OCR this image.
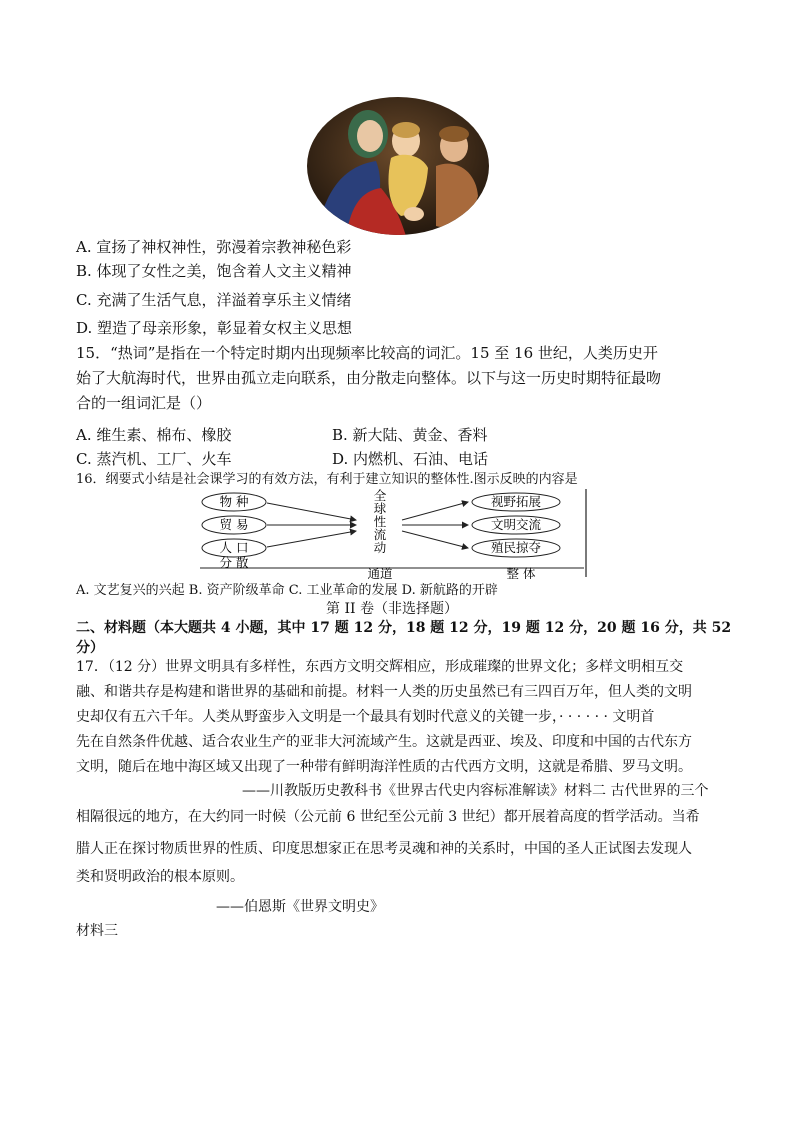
A. 宣扬了神权神性，弥漫着宗教神秘色彩
B. 体现了女性之美，饱含着人文主义精神
C. 充满了生活气息，洋溢着享乐主义情绪
D. 塑造了母亲形象，彰显着女权主义思想
15．“热词”是指在一个特定时期内出现频率比较高的词汇。15 至 16 世纪，人类历史开
始了大航海时代，世界由孤立走向联系，由分散走向整体。以下与这一历史时期特征最吻
合的一组词汇是（）
A. 维生素、棉布、橡胶	B. 新大陆、黄金、香料
C. 蒸汽机、工厂、火车	D. 内燃机、石油、电话
16．纲要式小结是社会课学习的有效方法，有利于建立知识的整体性.图示反映的内容是
物 种
贸 易
人 口
全
球
性
流
动
视野拓展
文明交流
殖民掠夺
分 散
通道	整 体
A. 文艺复兴的兴起 B. 资产阶级革命 C. 工业革命的发展 D. 新航路的开辟
第 II 卷（非选择题）
二、材料题（本大题共 4 小题，其中 17 题 12 分，18 题 12 分，19 题 12 分，20 题 16 分，共 52
分）
17．（12 分）世界文明具有多样性，东西方文明交辉相应，形成璀璨的世界文化；多样文明相互交
融、和谐共存是构建和谐世界的基础和前提。材料一人类的历史虽然已有三四百万年，但人类的文明
史却仅有五六千年。人类从野蛮步入文明是一个最具有划时代意义的关键一步，· · · · · · 文明首
先在自然条件优越、适合农业生产的亚非大河流域产生。这就是西亚、埃及、印度和中国的古代东方
文明，随后在地中海区域又出现了一种带有鲜明海洋性质的古代西方文明，这就是希腊、罗马文明。
——川教版历史教科书《世界古代史内容标准解读》材料二 古代世界的三个
相隔很远的地方，在大约同一时候（公元前 6 世纪至公元前 3 世纪）都开展着高度的哲学活动。当希
腊人正在探讨物质世界的性质、印度思想家正在思考灵魂和神的关系时，中国的圣人正试图去发现人
类和贤明政治的根本原则。
——伯恩斯《世界文明史》
材料三
